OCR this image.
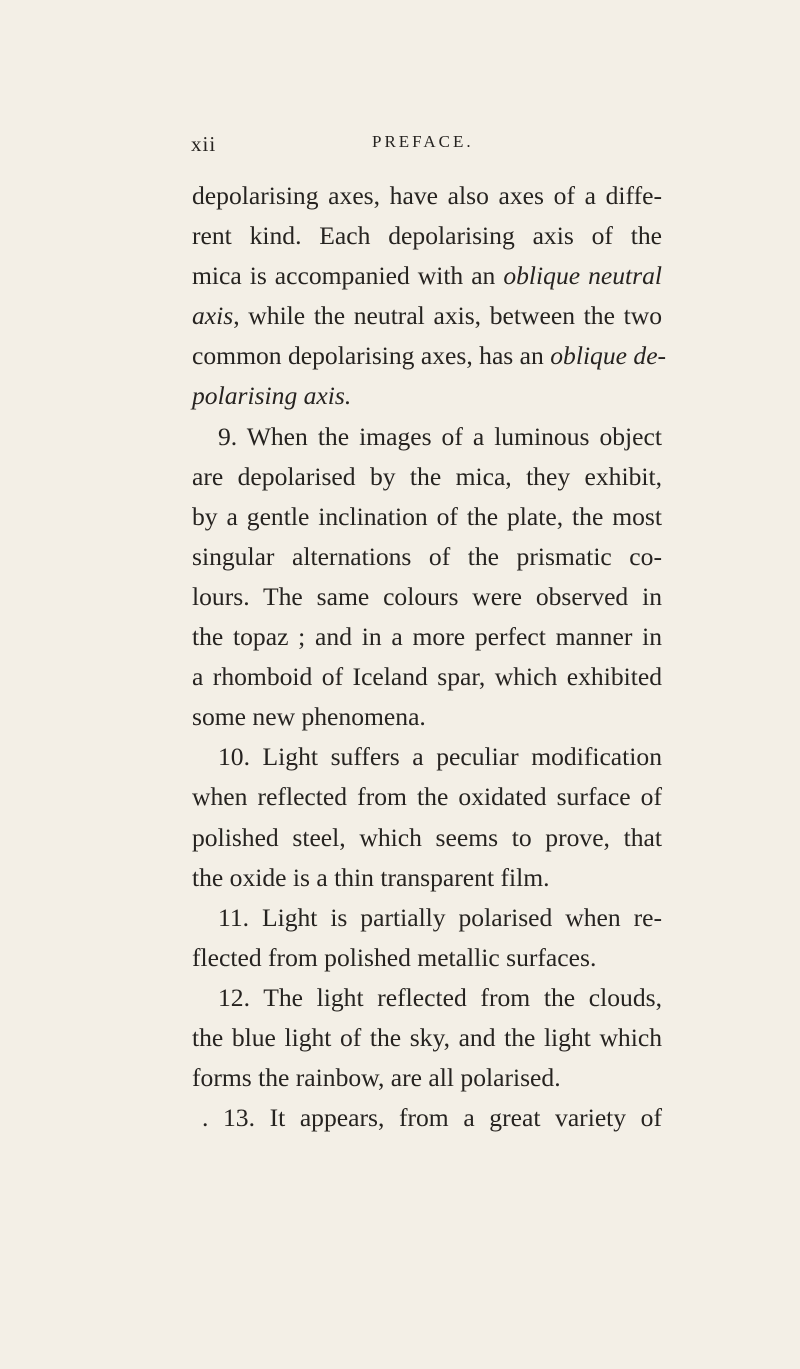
xii	PREFACE.
depolarising axes, have also axes of a diffe-
rent kind. Each depolarising axis of the
mica is accompanied with an oblique neutral
axis, while the neutral axis, between the two
common depolarising axes, has an oblique de-
polarising axis.
9. When the images of a luminous object
are depolarised by the mica, they exhibit,
by a gentle inclination of the plate, the most
singular alternations of the prismatic co-
lours. The same colours were observed in
the topaz ; and in a more perfect manner in
a rhomboid of Iceland spar, which exhibited
some new phenomena.
10. Light suffers a peculiar modification
when reflected from the oxidated surface of
polished steel, which seems to prove, that
the oxide is a thin transparent film.
11. Light is partially polarised when re-
flected from polished metallic surfaces.
12. The light reflected from the clouds,
the blue light of the sky, and the light which
forms the rainbow, are all polarised.
. 13. It appears, from a great variety of
